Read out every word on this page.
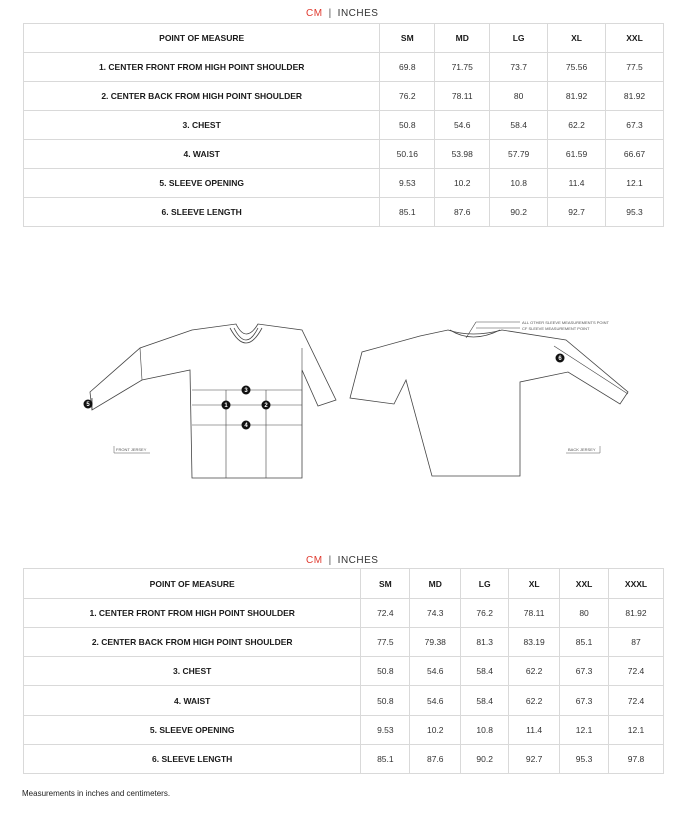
CM | INCHES
POINT OF MEASURE	SM	MD	LG	XL	XXL
1. CENTER FRONT FROM HIGH POINT SHOULDER	69.8	71.75	73.7	75.56	77.5
2. CENTER BACK FROM HIGH POINT SHOULDER	76.2	78.11	80	81.92	81.92
3. CHEST	50.8	54.6	58.4	62.2	67.3
4. WAIST	50.16	53.98	57.79	61.59	66.67
5. SLEEVE OPENING	9.53	10.2	10.8	11.4	12.1
6. SLEEVE LENGTH	85.1	87.6	90.2	92.7	95.3
1	2
3
4
5
6
FRONT JERSEY	BACK JERSEY
ALL OTHER SLEEVE MEASUREMENTS POINT
CF SLEEVE MEASUREMENT POINT
CM | INCHES
POINT OF MEASURE	SM	MD	LG	XL	XXL	XXXL
1. CENTER FRONT FROM HIGH POINT SHOULDER	72.4	74.3	76.2	78.11	80	81.92
2. CENTER BACK FROM HIGH POINT SHOULDER	77.5	79.38	81.3	83.19	85.1	87
3. CHEST	50.8	54.6	58.4	62.2	67.3	72.4
4. WAIST	50.8	54.6	58.4	62.2	67.3	72.4
5. SLEEVE OPENING	9.53	10.2	10.8	11.4	12.1	12.1
6. SLEEVE LENGTH	85.1	87.6	90.2	92.7	95.3	97.8
Measurements in inches and centimeters.
